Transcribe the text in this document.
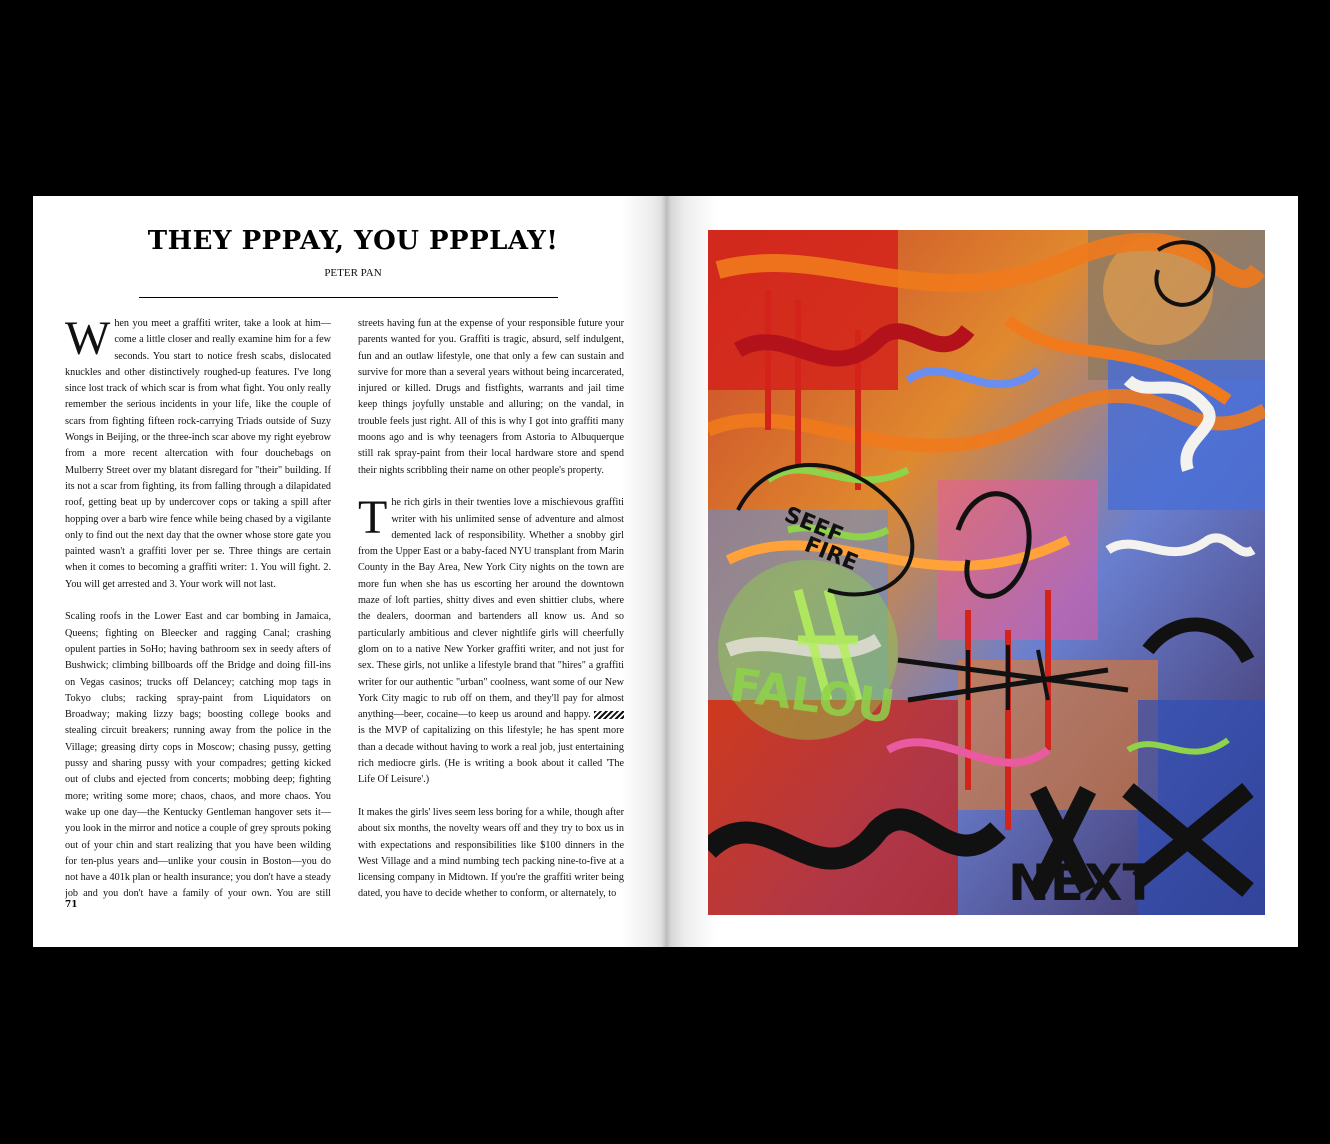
THEY PPPAY, YOU PPPLAY!

PETER PAN

When you meet a graffiti writer, take a look at him—come a little closer and really examine him for a few seconds. You start to notice fresh scabs, dislocated knuckles and other distinctively roughed-up features. I've long since lost track of which scar is from what fight. You only really remember the serious incidents in your life, like the couple of scars from fighting fifteen rock-carrying Triads outside of Suzy Wongs in Beijing, or the three-inch scar above my right eyebrow from a more recent altercation with four douchebags on Mulberry Street over my blatant disregard for "their" building. If its not a scar from fighting, its from falling through a dilapidated roof, getting beat up by undercover cops or taking a spill after hopping over a barb wire fence while being chased by a vigilante only to find out the next day that the owner whose store gate you painted wasn't a graffiti lover per se. Three things are certain when it comes to becoming a graffiti writer: 1. You will fight. 2. You will get arrested and 3. Your work will not last.

Scaling roofs in the Lower East and car bombing in Jamaica, Queens; fighting on Bleecker and ragging Canal; crashing opulent parties in SoHo; having bathroom sex in seedy afters of Bushwick; climbing billboards off the Bridge and doing fill-ins on Vegas casinos; trucks off Delancey; catching mop tags in Tokyo clubs; racking spray-paint from Liquidators on Broadway; making lizzy bags; boosting college books and stealing circuit breakers; running away from the police in the Village; greasing dirty cops in Moscow; chasing pussy, getting pussy and sharing pussy with your compadres; getting kicked out of clubs and ejected from concerts; mobbing deep; fighting more; writing some more; chaos, chaos, and more chaos. You wake up one day—the Kentucky Gentleman hangover sets it—you look in the mirror and notice a couple of grey sprouts poking out of your chin and start realizing that you have been wilding for ten-plus years and—unlike your cousin in Boston—you do not have a 401k plan or health insurance; you don't have a steady job and you don't have a family of your own. You are still

streets having fun at the expense of your responsible future your parents wanted for you. Graffiti is tragic, absurd, self indulgent, fun and an outlaw lifestyle, one that only a few can sustain and survive for more than a several years without being incarcerated, injured or killed. Drugs and fistfights, warrants and jail time keep things joyfully unstable and alluring; on the vandal, in trouble feels just right. All of this is why I got into graffiti many moons ago and is why teenagers from Astoria to Albuquerque still rak spray-paint from their local hardware store and spend their nights scribbling their name on other people's property.

The rich girls in their twenties love a mischievous graffiti writer with his unlimited sense of adventure and almost demented lack of responsibility. Whether a snobby girl from the Upper East or a baby-faced NYU transplant from Marin County in the Bay Area, New York City nights on the town are more fun when she has us escorting her around the downtown maze of loft parties, shitty dives and even shittier clubs, where the dealers, doorman and bartenders all know us. And so particularly ambitious and clever nightlife girls will cheerfully glom on to a native New Yorker graffiti writer, and not just for sex. These girls, not unlike a lifestyle brand that "hires" a graffiti writer for our authentic "urban" coolness, want some of our New York City magic to rub off on them, and they'll pay for almost anything—beer, cocaine—to keep us around and happy.  is the MVP of capitalizing on this lifestyle; he has spent more than a decade without having to work a real job, just entertaining rich mediocre girls. (He is writing a book about it called 'The Life Of Leisure'.)

It makes the girls' lives seem less boring for a while, though after about six months, the novelty wears off and they try to box us in with expectations and responsibilities like $100 dinners in the West Village and a mind numbing tech packing nine-to-five at a licensing company in Midtown. If you're the graffiti writer being dated, you have to decide whether to conform, or alternately, to

71
SEEF
FIRE
FALOU
NEXT
